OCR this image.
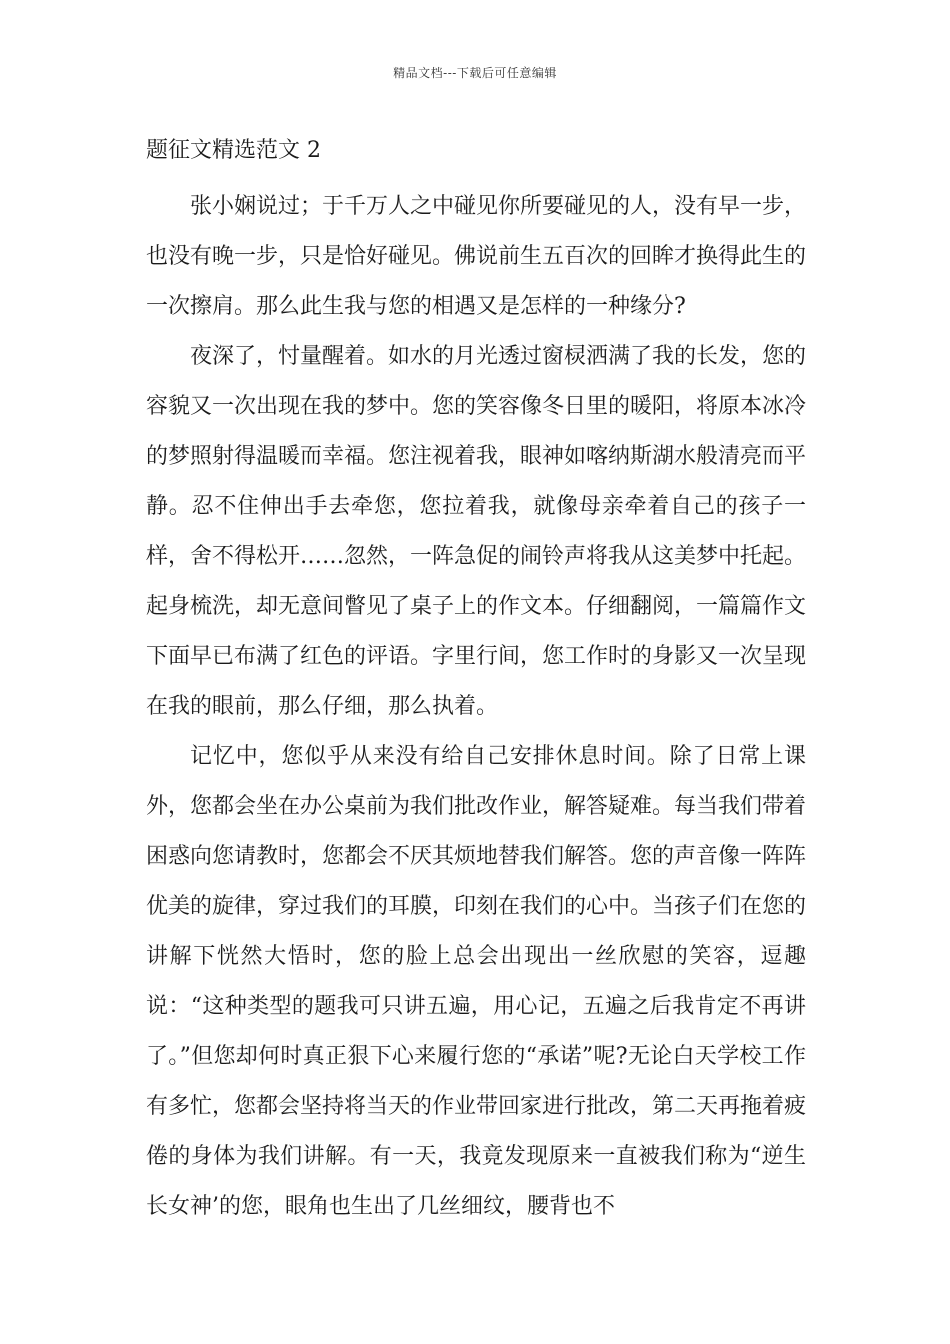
精品文档---下载后可任意编辑
题征文精选范文 2

张小娴说过；于千万人之中碰见你所要碰见的人，没有早一步，也没有晚一步，只是恰好碰见。佛说前生五百次的回眸才换得此生的一次擦肩。那么此生我与您的相遇又是怎样的一种缘分?

夜深了，忖量醒着。如水的月光透过窗棂洒满了我的长发，您的容貌又一次出现在我的梦中。您的笑容像冬日里的暖阳，将原本冰冷的梦照射得温暖而幸福。您注视着我，眼神如喀纳斯湖水般清亮而平静。忍不住伸出手去牵您，您拉着我，就像母亲牵着自己的孩子一样，舍不得松开……忽然，一阵急促的闹铃声将我从这美梦中托起。起身梳洗，却无意间瞥见了桌子上的作文本。仔细翻阅，一篇篇作文下面早已布满了红色的评语。字里行间，您工作时的身影又一次呈现在我的眼前，那么仔细，那么执着。

记忆中，您似乎从来没有给自己安排休息时间。除了日常上课外，您都会坐在办公桌前为我们批改作业，解答疑难。每当我们带着困惑向您请教时，您都会不厌其烦地替我们解答。您的声音像一阵阵优美的旋律，穿过我们的耳膜，印刻在我们的心中。当孩子们在您的讲解下恍然大悟时，您的脸上总会出现出一丝欣慰的笑容，逗趣说：“这种类型的题我可只讲五遍，用心记，五遍之后我肯定不再讲了。”但您却何时真正狠下心来履行您的“承诺”呢?无论白天学校工作有多忙，您都会坚持将当天的作业带回家进行批改，第二天再拖着疲倦的身体为我们讲解。有一天，我竟发现原来一直被我们称为“逆生长女神’的您，眼角也生出了几丝细纹，腰背也不
